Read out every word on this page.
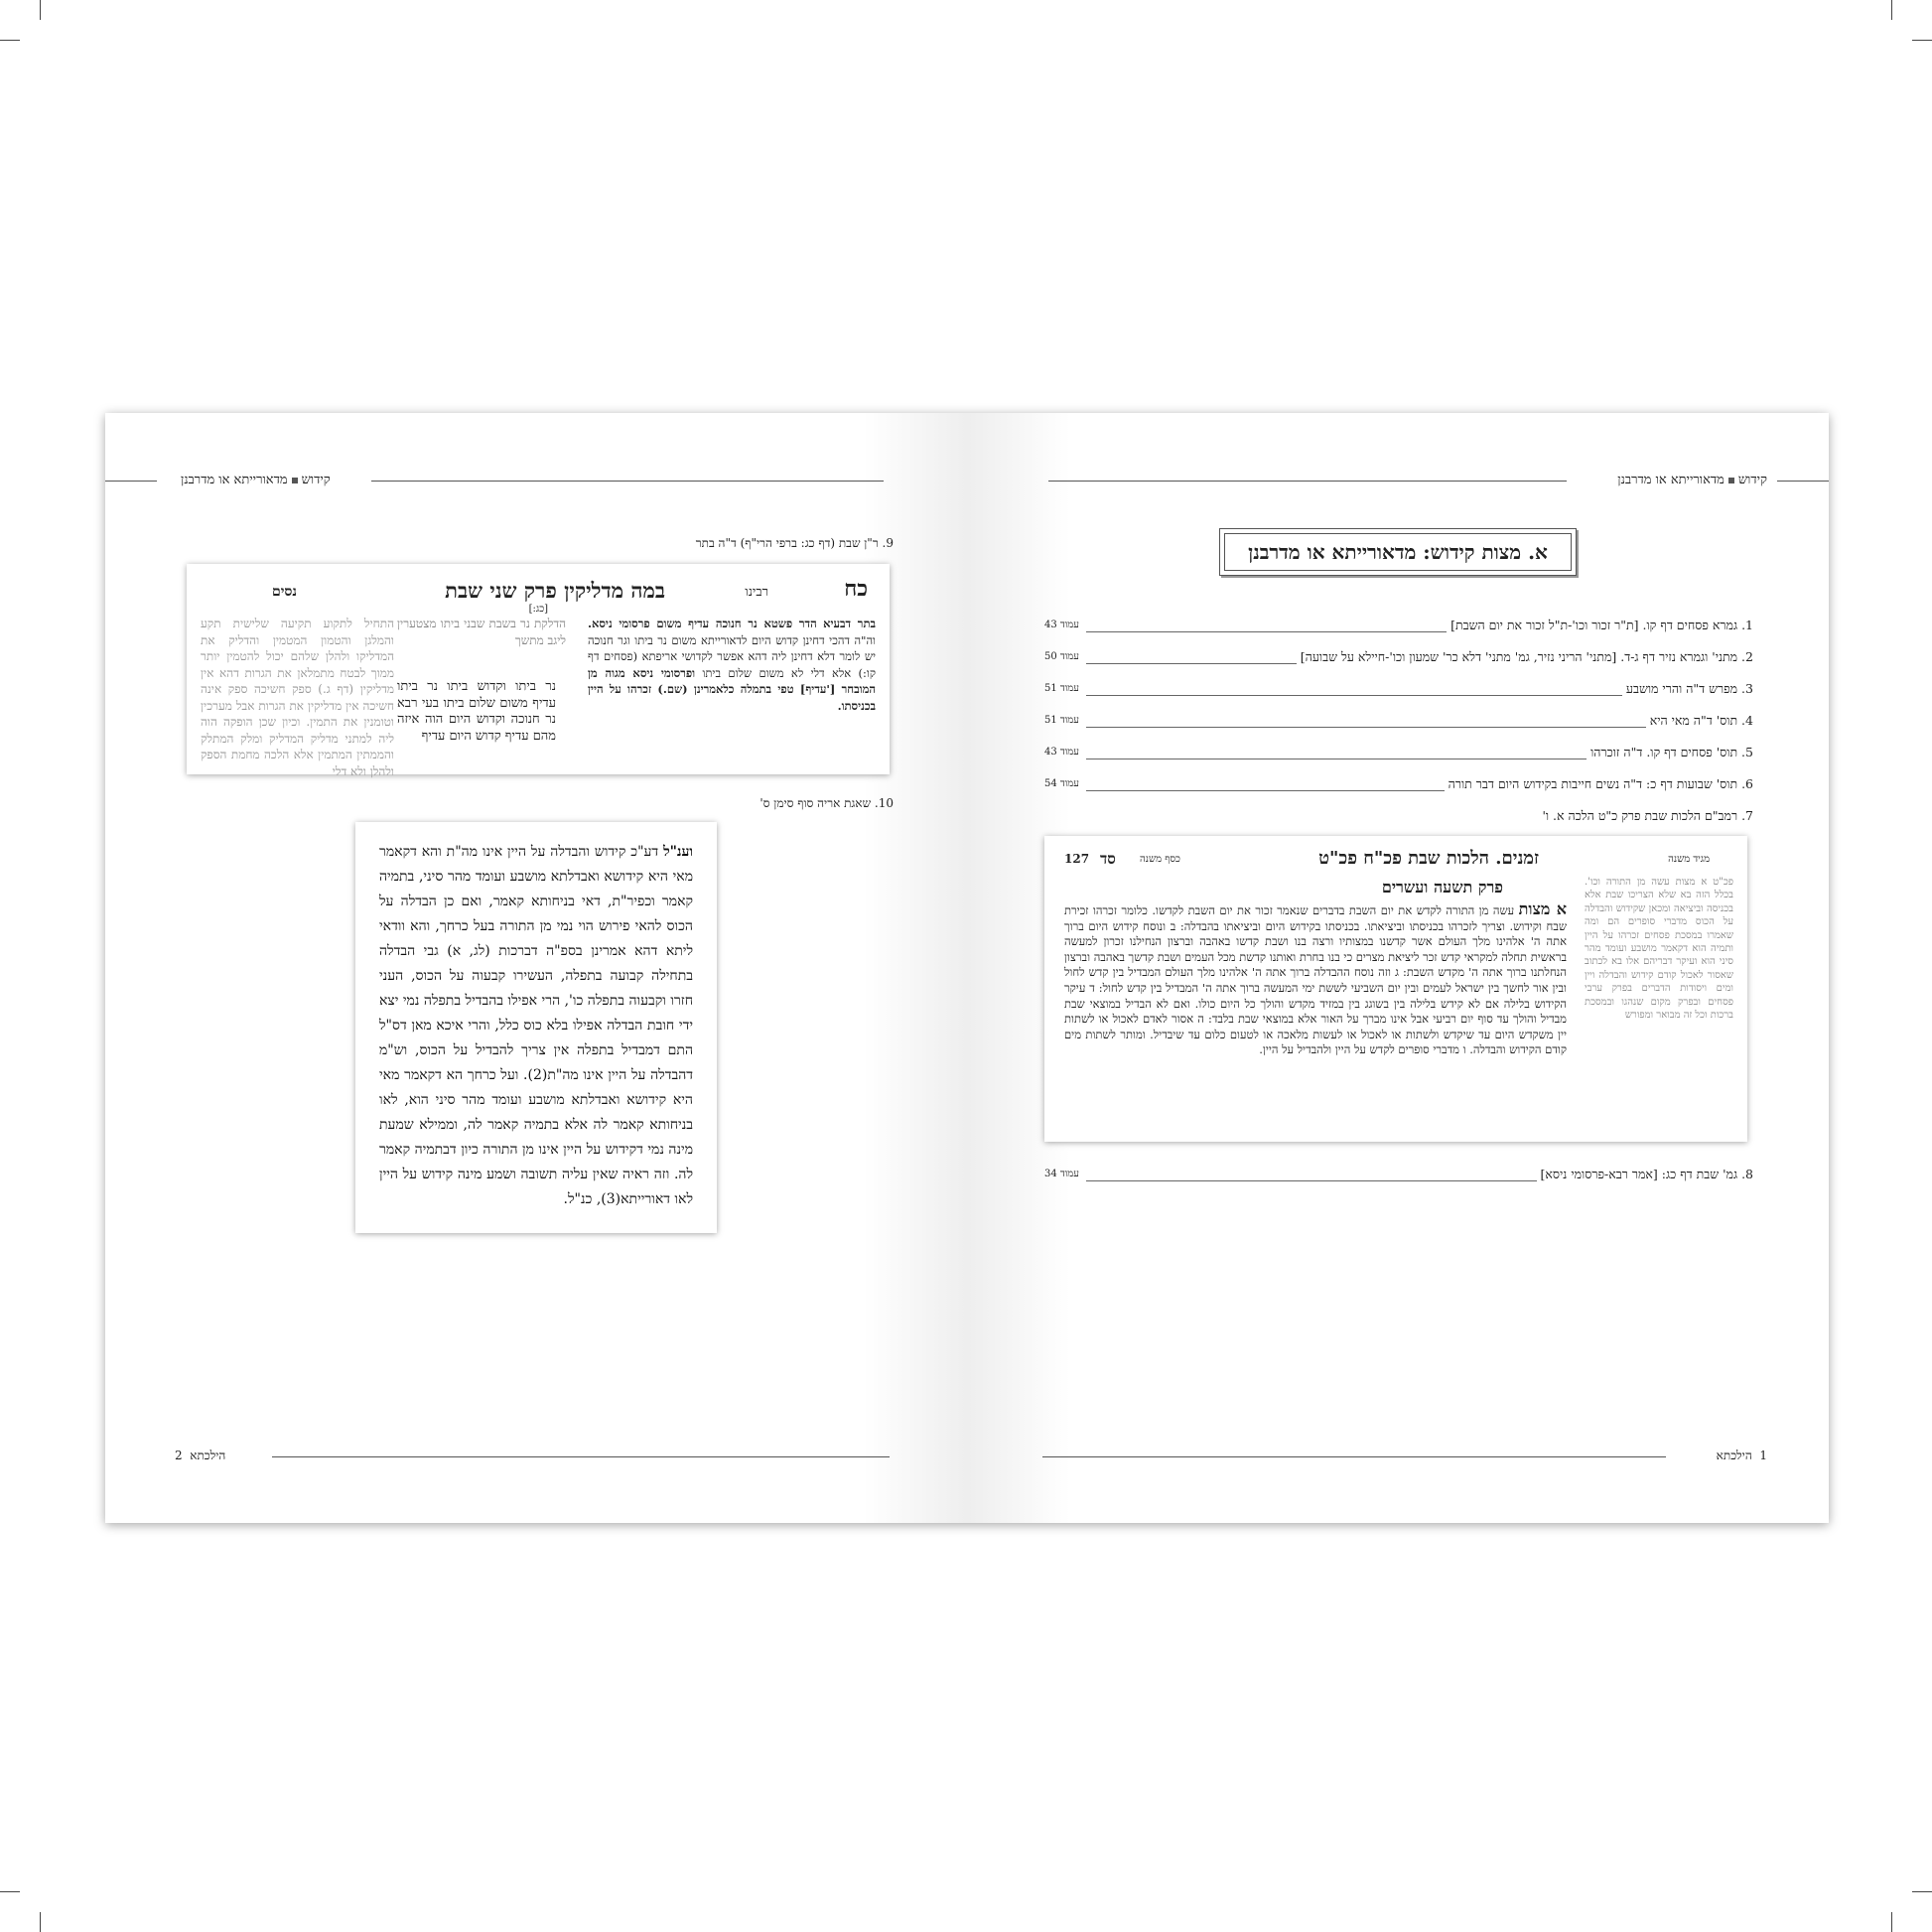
קידושמדאורייתא או מדרבנן
9. ר"ן שבת (דף כג: ברפי הרי"ף) ד"ה בתר
כח
רבינו
במה מדליקין פרק שני שבת
נסים
[כג:]
התחיל לתקוע תקיעה שלישית תקע והמלגן והטמון המטמין והדליק את המדליקו ולהלן שלהם יכול להטמין יותר ממוך לבטח מתמלאן את הגרות דהא אין מדליקין (דף ג.) ספק חשיכה ספק אינה חשיכה אין מדליקין את הגרות אבל מערכין וטומנין את התמין. וכיון שכן הופקה הוה ליה למתני מדליק המדליק ומלק המתלק והממתין המתמין אלא הלכה מחמת הספק ולהלן ולא דלי
נר ביתו וקדוש ביתו נר ביתו עדיף משום שלום ביתו בעי רבא נר חנוכה וקדוש היום הוה איזה מהם עדיף קדוש היום עדיף
הדלקת נר בשבת שבני ביתו מצטערין ליגב מתשך
בתר דבעיא הדר פשטא נר חנוכה עדיף משום פרסומי ניסא. וה"ה דהכי דחינן קדוש היום לדאורייתא משום נר ביתו וגר חנוכה יש לומר דלא דחינן ליה דהא אפשר לקדושי אריפתא (פסחים דף קו:) אלא דלי לא משום שלום ביתו ופרסומי ניסא מגוה מן המובחר ['עדיף] טפי בתמלה כלאמרינן (שם.) זכרהו על היין בכניסתו.
10. שאגת אריה סוף סימן ס'

וענ"ל דע"כ קידוש והבדלה על היין אינו מה"ת והא דקאמר מאי היא קידושא ואבדלתא מושבע ועומד מהר סיני, בתמיה קאמר וכפיר"ת, דאי בניחותא קאמר, ואם כן הבדלה על הכוס להאי פירוש הוי נמי מן התורה בעל כרחך, והא וודאי ליתא דהא אמרינן בספ"ה דברכות (לג, א) גבי הבדלה בתחילה קבועה בתפלה, העשירו קבעוה על הכוס, העני חזרו וקבעוה בתפלה כו', הרי אפילו בהבדיל בתפלה נמי יצא ידי חובת הבדלה אפילו בלא כוס כלל, והרי איכא מאן דס"ל התם דמבדיל בתפלה אין צריך להבדיל על הכוס, וש"מ דהבדלה על היין אינו מה"ת(2). ועל כרחך הא דקאמר מאי היא קידושא ואבדלתא מושבע ועומד מהר סיני הוא, לאו בניחותא קאמר לה אלא בתמיה קאמר לה, וממילא שמעת מינה נמי דקידוש על היין אינו מן התורה כיון דבתמיה קאמר לה. וזה ראיה שאין עליה תשובה ושמע מינה קידוש על היין לאו דאורייתא(3), כנ"ל.

הילכתא  2
קידושמדאורייתא או מדרבנן
א. מצות קידוש: מדאורייתא או מדרבנן
עמוד 43	1. גמרא פסחים דף קו. [ת"ר זכור וכו'-ת"ל זכור את יום השבת]
עמוד 50	2. מתני' וגמרא נזיר דף ג-ד. [מתני' הריני נזיר, גמ' מתני' דלא כר' שמעון וכו'-חיילא על שבועה]
עמוד 51	3. מפרש ד"ה והרי מושבע
עמוד 51	4. תוס' ד"ה מאי היא
עמוד 43	5. תוס' פסחים דף קו. ד"ה זוכרהו
עמוד 54	6. תוס' שבועות דף כ: ד"ה נשים חייבות בקידוש היום דבר תורה
7. רמב"ם הלכות שבת פרק כ"ט הלכה א. ו'
מגיד משנה
זמנים. הלכות שבת פכ"ח פכ"ט
כסף משנה
סד
127
פרק תשעה ועשרים
א מצות עשה מן התורה לקדש את יום השבת בדברים שנאמר זכור את יום השבת לקדשו. כלומר זכרהו זכירת שבח וקידוש. וצריך לזכרהו בכניסתו וביציאתו. בכניסתו בקידוש היום וביציאתו בהבדלה: ב ונוסח קידוש היום ברוך אתה ה' אלהינו מלך העולם אשר קדשנו במצותיו ורצה בנו ושבת קדשו באהבה וברצון הנחילנו זכרון למעשה בראשית תחלה למקראי קדש זכר ליציאת מצרים כי בנו בחרת ואותנו קדשת מכל העמים ושבת קדשך באהבה וברצון הנחלתנו ברוך אתה ה' מקדש השבת: ג וזה נוסח ההבדלה ברוך אתה ה' אלהינו מלך העולם המבדיל בין קדש לחול ובין אור לחשך בין ישראל לעמים ובין יום השביעי לששת ימי המעשה ברוך אתה ה' המבדיל בין קדש לחול: ד עיקר הקידוש בלילה אם לא קידש בלילה בין בשוגג בין במזיד מקדש והולך כל היום כולו. ואם לא הבדיל במוצאי שבת מבדיל והולך עד סוף יום רביעי אבל אינו מברך על האור אלא במוצאי שבת בלבד: ה אסור לאדם לאכול או לשתות יין משקדש היום עד שיקדש ולשתות או לאכול או לעשות מלאכה או לטעום כלום עד שיבדיל. ומותר לשתות מים קודם הקידוש והבדלה. ו מדברי סופרים לקדש על היין ולהבדיל על היין.
פכ"ט א מצות עשה מן התורה וכו'. בכלל הזה בא שלא הצריכו שבת אלא בכניסה וביציאה ומכאן שקידוש והבדלה על הכוס מדברי סופרים הם ומה שאמרו במסכת פסחים זכרהו על היין ותמיה הוא דקאמר מושבע ועומד מהר סיני הוא ועיקר דבריהם אלו בא לכתוב שאסור לאכול קודם קידוש והבדלה ויין ומים ויסודות הדברים בפרק ערבי פסחים ובפרק מקום שנהגו ובמסכת ברכות וכל זה מבואר ומפורש
עמוד 34	8. גמ' שבת דף כג: [אמר רבא-פרסומי ניסא]
1  הילכתא
